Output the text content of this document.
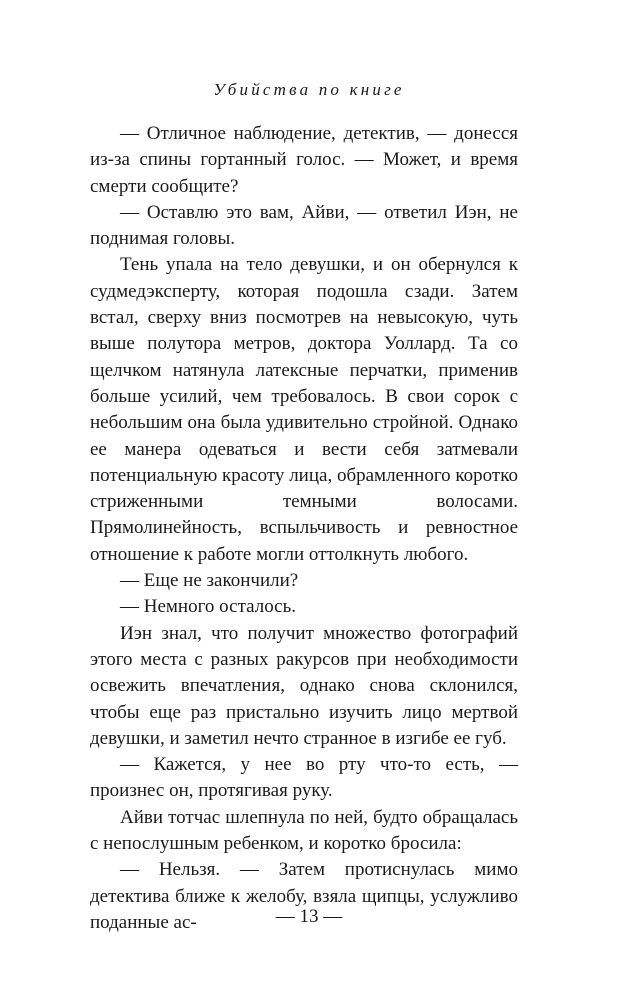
Убийства по книге

— Отличное наблюдение, детектив, — донесся из-за спины гортанный голос. — Может, и время смерти сообщите?

— Оставлю это вам, Айви, — ответил Иэн, не поднимая головы.

Тень упала на тело девушки, и он обернулся к судмедэксперту, которая подошла сзади. Затем встал, сверху вниз посмотрев на невысокую, чуть выше полутора метров, доктора Уоллард. Та со щелчком натянула латексные перчатки, применив больше усилий, чем требовалось. В свои сорок с небольшим она была удивительно стройной. Однако ее манера одеваться и вести себя затмевали потенциальную красоту лица, обрамленного коротко стриженными темными волосами. Прямолинейность, вспыльчивость и ревностное отношение к работе могли оттолкнуть любого.

— Еще не закончили?

— Немного осталось.

Иэн знал, что получит множество фотографий этого места с разных ракурсов при необходимости освежить впечатления, однако снова склонился, чтобы еще раз пристально изучить лицо мертвой девушки, и заметил нечто странное в изгибе ее губ.

— Кажется, у нее во рту что-то есть, — произнес он, протягивая руку.

Айви тотчас шлепнула по ней, будто обращалась с непослушным ребенком, и коротко бросила:

— Нельзя. — Затем протиснулась мимо детектива ближе к желобу, взяла щипцы, услужливо поданные ас-	— 13 —
